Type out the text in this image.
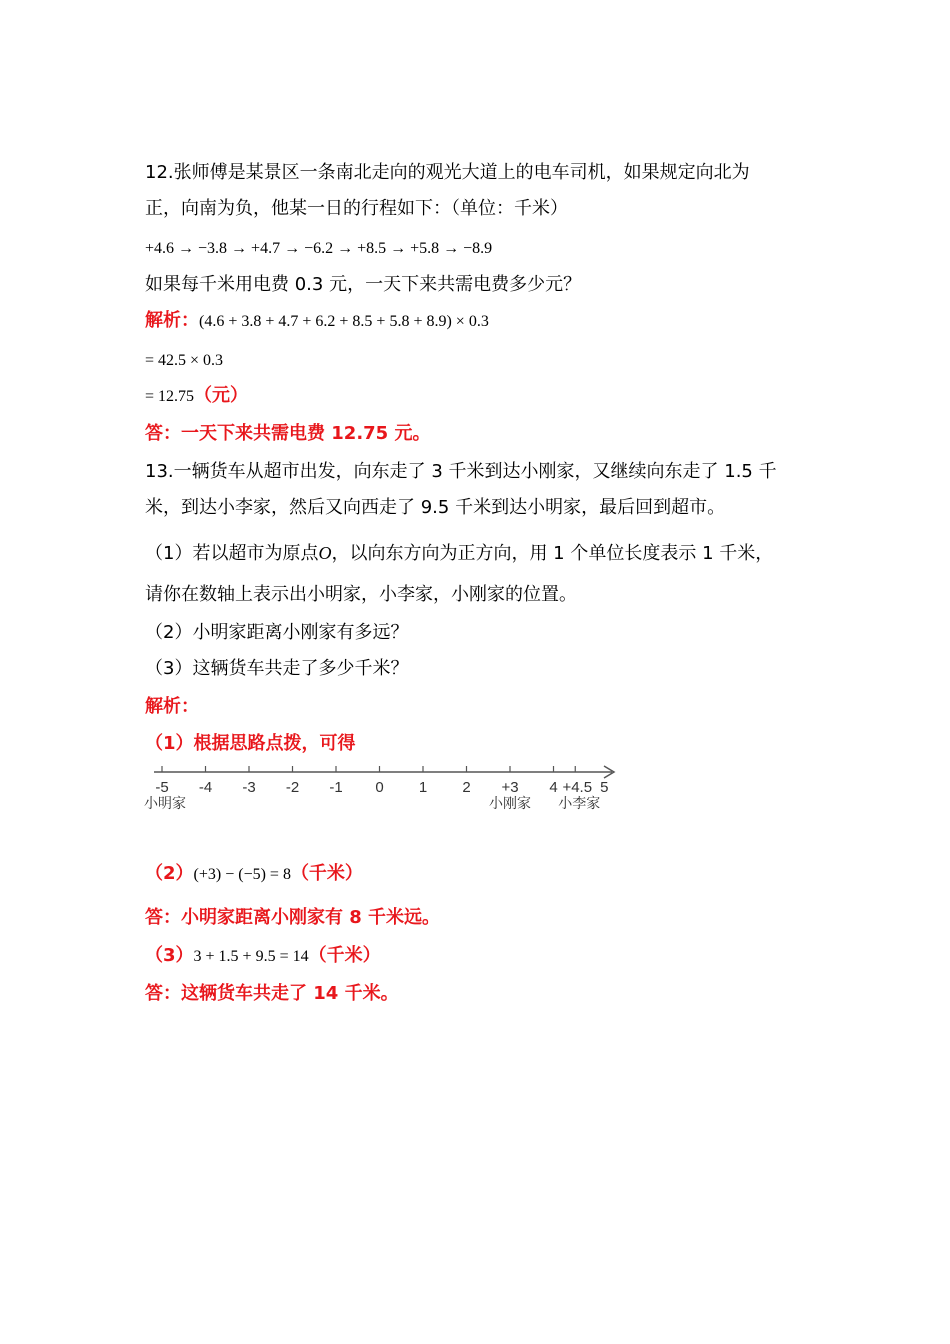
12.张师傅是某景区一条南北走向的观光大道上的电车司机，如果规定向北为
正，向南为负，他某一日的行程如下：（单位：千米）
+4.6 → −3.8 → +4.7 → −6.2 → +8.5 → +5.8 → −8.9
如果每千米用电费 0.3 元，一天下来共需电费多少元？
解析：(4.6 + 3.8 + 4.7 + 6.2 + 8.5 + 5.8 + 8.9) × 0.3
= 42.5 × 0.3
= 12.75（元）
答：一天下来共需电费 12.75 元。
13.一辆货车从超市出发，向东走了 3 千米到达小刚家，又继续向东走了 1.5 千
米，到达小李家，然后又向西走了 9.5 千米到达小明家，最后回到超市。
（1）若以超市为原点O，以向东方向为正方向，用 1 个单位长度表示 1 千米，
请你在数轴上表示出小明家，小李家，小刚家的位置。
（2）小明家距离小刚家有多远？
（3）这辆货车共走了多少千米？
解析：
（1）根据思路点拨，可得
-5 -4 -3 -2 -1 0 1 2 +3 4 +4.5 5
小明家	小刚家 小李家
（2）(+3) − (−5) = 8（千米）
答：小明家距离小刚家有 8 千米远。
（3）3 + 1.5 + 9.5 = 14（千米）
答：这辆货车共走了 14 千米。
